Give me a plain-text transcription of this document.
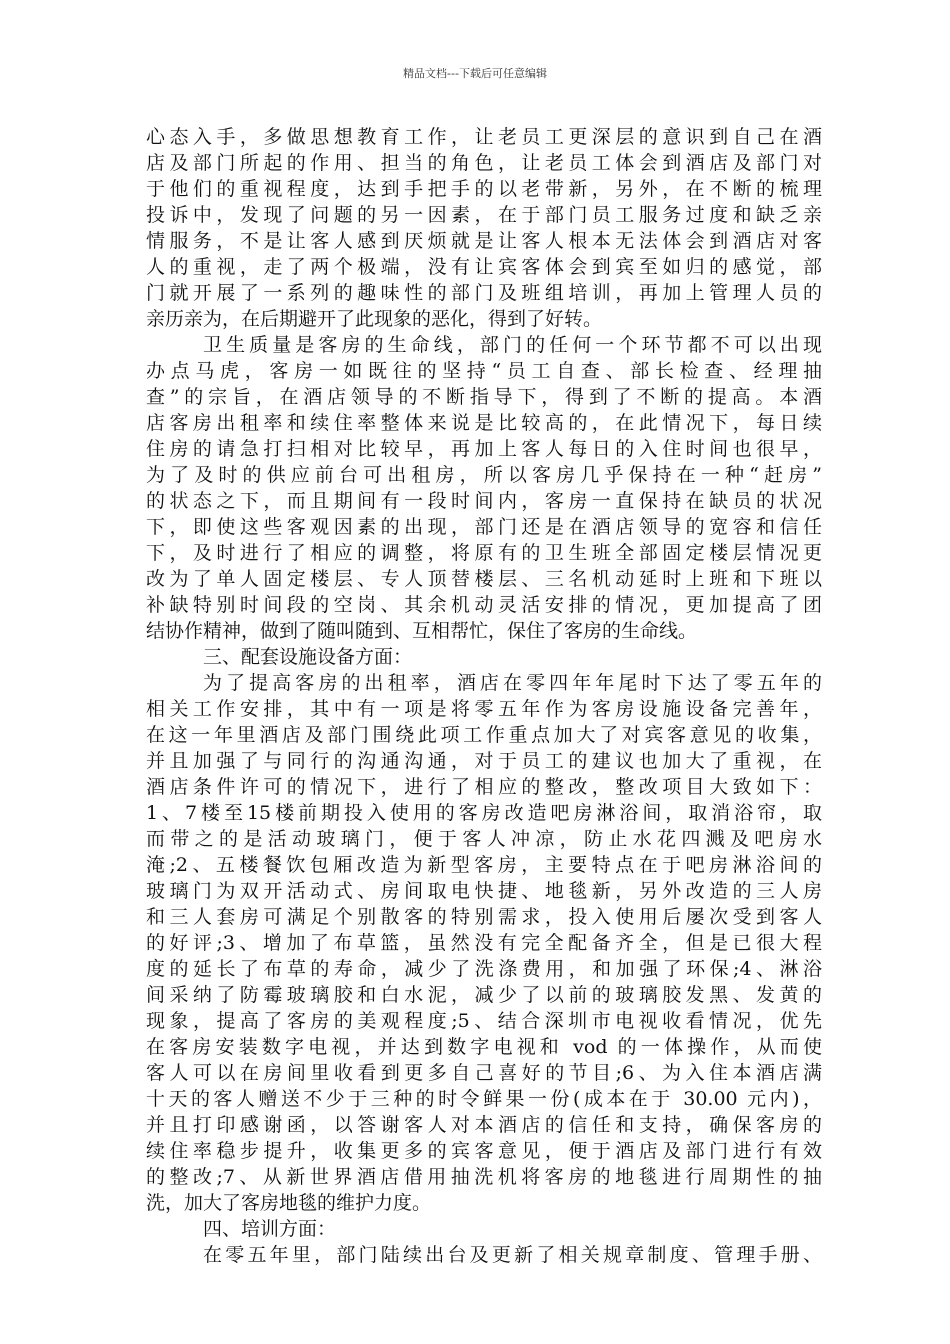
精品文档---下载后可任意编辑
心态入手，多做思想教育工作，让老员工更深层的意识到自己在酒
店及部门所起的作用、担当的角色，让老员工体会到酒店及部门对
于他们的重视程度，达到手把手的以老带新，另外，在不断的梳理
投诉中，发现了问题的另一因素，在于部门员工服务过度和缺乏亲
情服务，不是让客人感到厌烦就是让客人根本无法体会到酒店对客
人的重视，走了两个极端，没有让宾客体会到宾至如归的感觉，部
门就开展了一系列的趣味性的部门及班组培训，再加上管理人员的
亲历亲为，在后期避开了此现象的恶化，得到了好转。
卫生质量是客房的生命线，部门的任何一个环节都不可以出现
办点马虎，客房一如既往的坚持“员工自查、部长检查、经理抽
查”的宗旨，在酒店领导的不断指导下，得到了不断的提高。本酒
店客房出租率和续住率整体来说是比较高的，在此情况下，每日续
住房的请急打扫相对比较早，再加上客人每日的入住时间也很早，
为了及时的供应前台可出租房，所以客房几乎保持在一种“赶房”
的状态之下，而且期间有一段时间内，客房一直保持在缺员的状况
下，即使这些客观因素的出现，部门还是在酒店领导的宽容和信任
下，及时进行了相应的调整，将原有的卫生班全部固定楼层情况更
改为了单人固定楼层、专人顶替楼层、三名机动延时上班和下班以
补缺特别时间段的空岗、其余机动灵活安排的情况，更加提高了团
结协作精神，做到了随叫随到、互相帮忙，保住了客房的生命线。
三、配套设施设备方面：
为了提高客房的出租率，酒店在零四年年尾时下达了零五年的
相关工作安排，其中有一项是将零五年作为客房设施设备完善年，
在这一年里酒店及部门围绕此项工作重点加大了对宾客意见的收集，
并且加强了与同行的沟通沟通，对于员工的建议也加大了重视，在
酒店条件许可的情况下，进行了相应的整改，整改项目大致如下：
1、7楼至15楼前期投入使用的客房改造吧房淋浴间，取消浴帘，取
而带之的是活动玻璃门，便于客人冲凉，防止水花四溅及吧房水
淹;2、五楼餐饮包厢改造为新型客房，主要特点在于吧房淋浴间的
玻璃门为双开活动式、房间取电快捷、地毯新，另外改造的三人房
和三人套房可满足个别散客的特别需求，投入使用后屡次受到客人
的好评;3、增加了布草篮，虽然没有完全配备齐全，但是已很大程
度的延长了布草的寿命，减少了洗涤费用，和加强了环保;4、淋浴
间采纳了防霉玻璃胶和白水泥，减少了以前的玻璃胶发黑、发黄的
现象，提高了客房的美观程度;5、结合深圳市电视收看情况，优先
在客房安装数字电视，并达到数字电视和 vod 的一体操作，从而使
客人可以在房间里收看到更多自己喜好的节目;6、为入住本酒店满
十天的客人赠送不少于三种的时令鲜果一份(成本在于 30.00 元内)，
并且打印感谢函，以答谢客人对本酒店的信任和支持，确保客房的
续住率稳步提升，收集更多的宾客意见，便于酒店及部门进行有效
的整改;7、从新世界酒店借用抽洗机将客房的地毯进行周期性的抽
洗，加大了客房地毯的维护力度。
四、培训方面：
在零五年里，部门陆续出台及更新了相关规章制度、管理手册、
